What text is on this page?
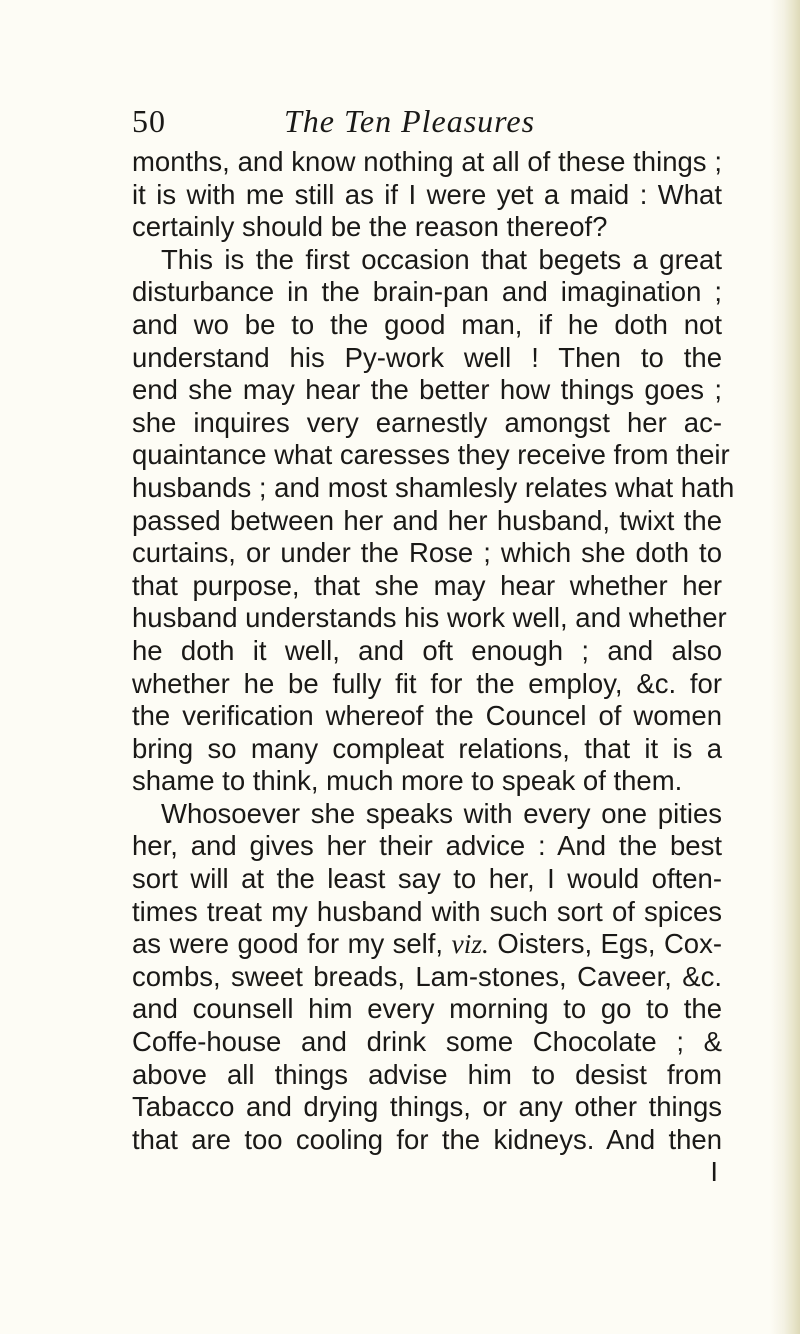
50	The Ten Pleasures
months, and know nothing at all of these things ;
it is with me still as if I were yet a maid : What
certainly should be the reason thereof?
This is the first occasion that begets a great
disturbance in the brain-pan and imagination ;
and wo be to the good man, if he doth not
understand his Py-work well ! Then to the
end she may hear the better how things goes ;
she inquires very earnestly amongst her ac-
quaintance what caresses they receive from their
husbands ; and most shamlesly relates what hath
passed between her and her husband, twixt the
curtains, or under the Rose ; which she doth to
that purpose, that she may hear whether her
husband understands his work well, and whether
he doth it well, and oft enough ; and also
whether he be fully fit for the employ, &c. for
the verification whereof the Councel of women
bring so many compleat relations, that it is a
shame to think, much more to speak of them.
Whosoever she speaks with every one pities
her, and gives her their advice : And the best
sort will at the least say to her, I would often-
times treat my husband with such sort of spices
as were good for my self, viz. Oisters, Egs, Cox-
combs, sweet breads, Lam-stones, Caveer, &c.
and counsell him every morning to go to the
Coffe-house and drink some Chocolate ; &
above all things advise him to desist from
Tabacco and drying things, or any other things
that are too cooling for the kidneys. And then
I
